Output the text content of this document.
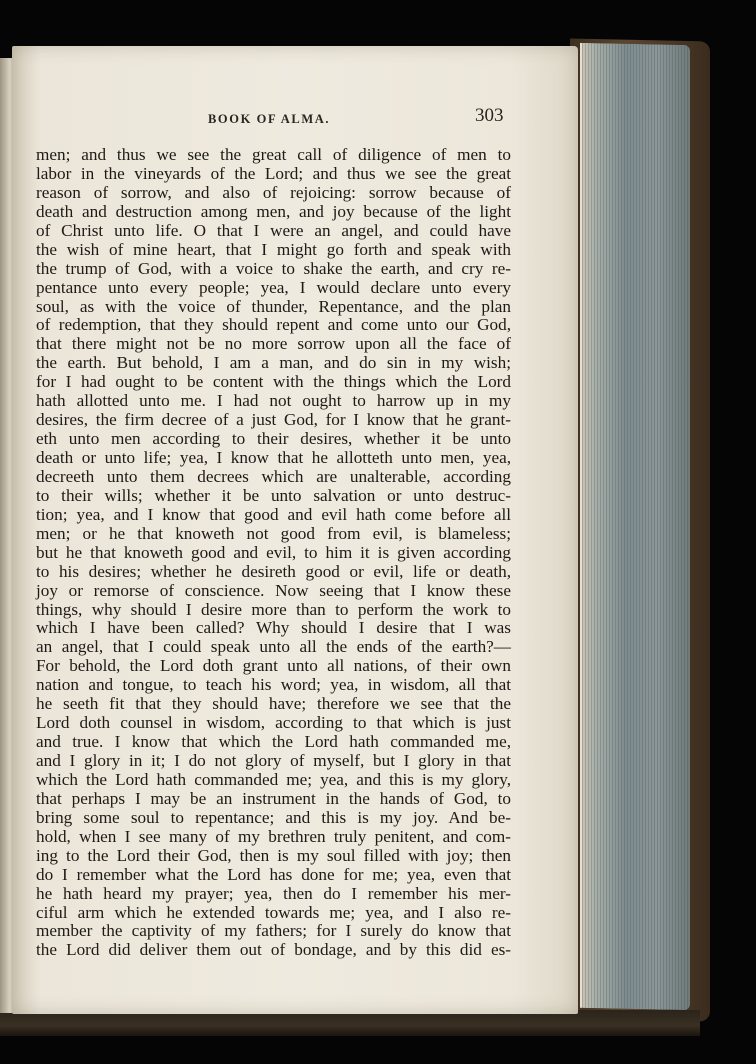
BOOK OF ALMA.	303
men; and thus we see the great call of diligence of men to
labor in the vineyards of the Lord; and thus we see the great
reason of sorrow, and also of rejoicing: sorrow because of
death and destruction among men, and joy because of the light
of Christ unto life. O that I were an angel, and could have
the wish of mine heart, that I might go forth and speak with
the trump of God, with a voice to shake the earth, and cry re-
pentance unto every people; yea, I would declare unto every
soul, as with the voice of thunder, Repentance, and the plan
of redemption, that they should repent and come unto our God,
that there might not be no more sorrow upon all the face of
the earth. But behold, I am a man, and do sin in my wish;
for I had ought to be content with the things which the Lord
hath allotted unto me. I had not ought to harrow up in my
desires, the firm decree of a just God, for I know that he grant-
eth unto men according to their desires, whether it be unto
death or unto life; yea, I know that he allotteth unto men, yea,
decreeth unto them decrees which are unalterable, according
to their wills; whether it be unto salvation or unto destruc-
tion; yea, and I know that good and evil hath come before all
men; or he that knoweth not good from evil, is blameless;
but he that knoweth good and evil, to him it is given according
to his desires; whether he desireth good or evil, life or death,
joy or remorse of conscience. Now seeing that I know these
things, why should I desire more than to perform the work to
which I have been called? Why should I desire that I was
an angel, that I could speak unto all the ends of the earth?—
For behold, the Lord doth grant unto all nations, of their own
nation and tongue, to teach his word; yea, in wisdom, all that
he seeth fit that they should have; therefore we see that the
Lord doth counsel in wisdom, according to that which is just
and true. I know that which the Lord hath commanded me,
and I glory in it; I do not glory of myself, but I glory in that
which the Lord hath commanded me; yea, and this is my glory,
that perhaps I may be an instrument in the hands of God, to
bring some soul to repentance; and this is my joy. And be-
hold, when I see many of my brethren truly penitent, and com-
ing to the Lord their God, then is my soul filled with joy; then
do I remember what the Lord has done for me; yea, even that
he hath heard my prayer; yea, then do I remember his mer-
ciful arm which he extended towards me; yea, and I also re-
member the captivity of my fathers; for I surely do know that
the Lord did deliver them out of bondage, and by this did es-
